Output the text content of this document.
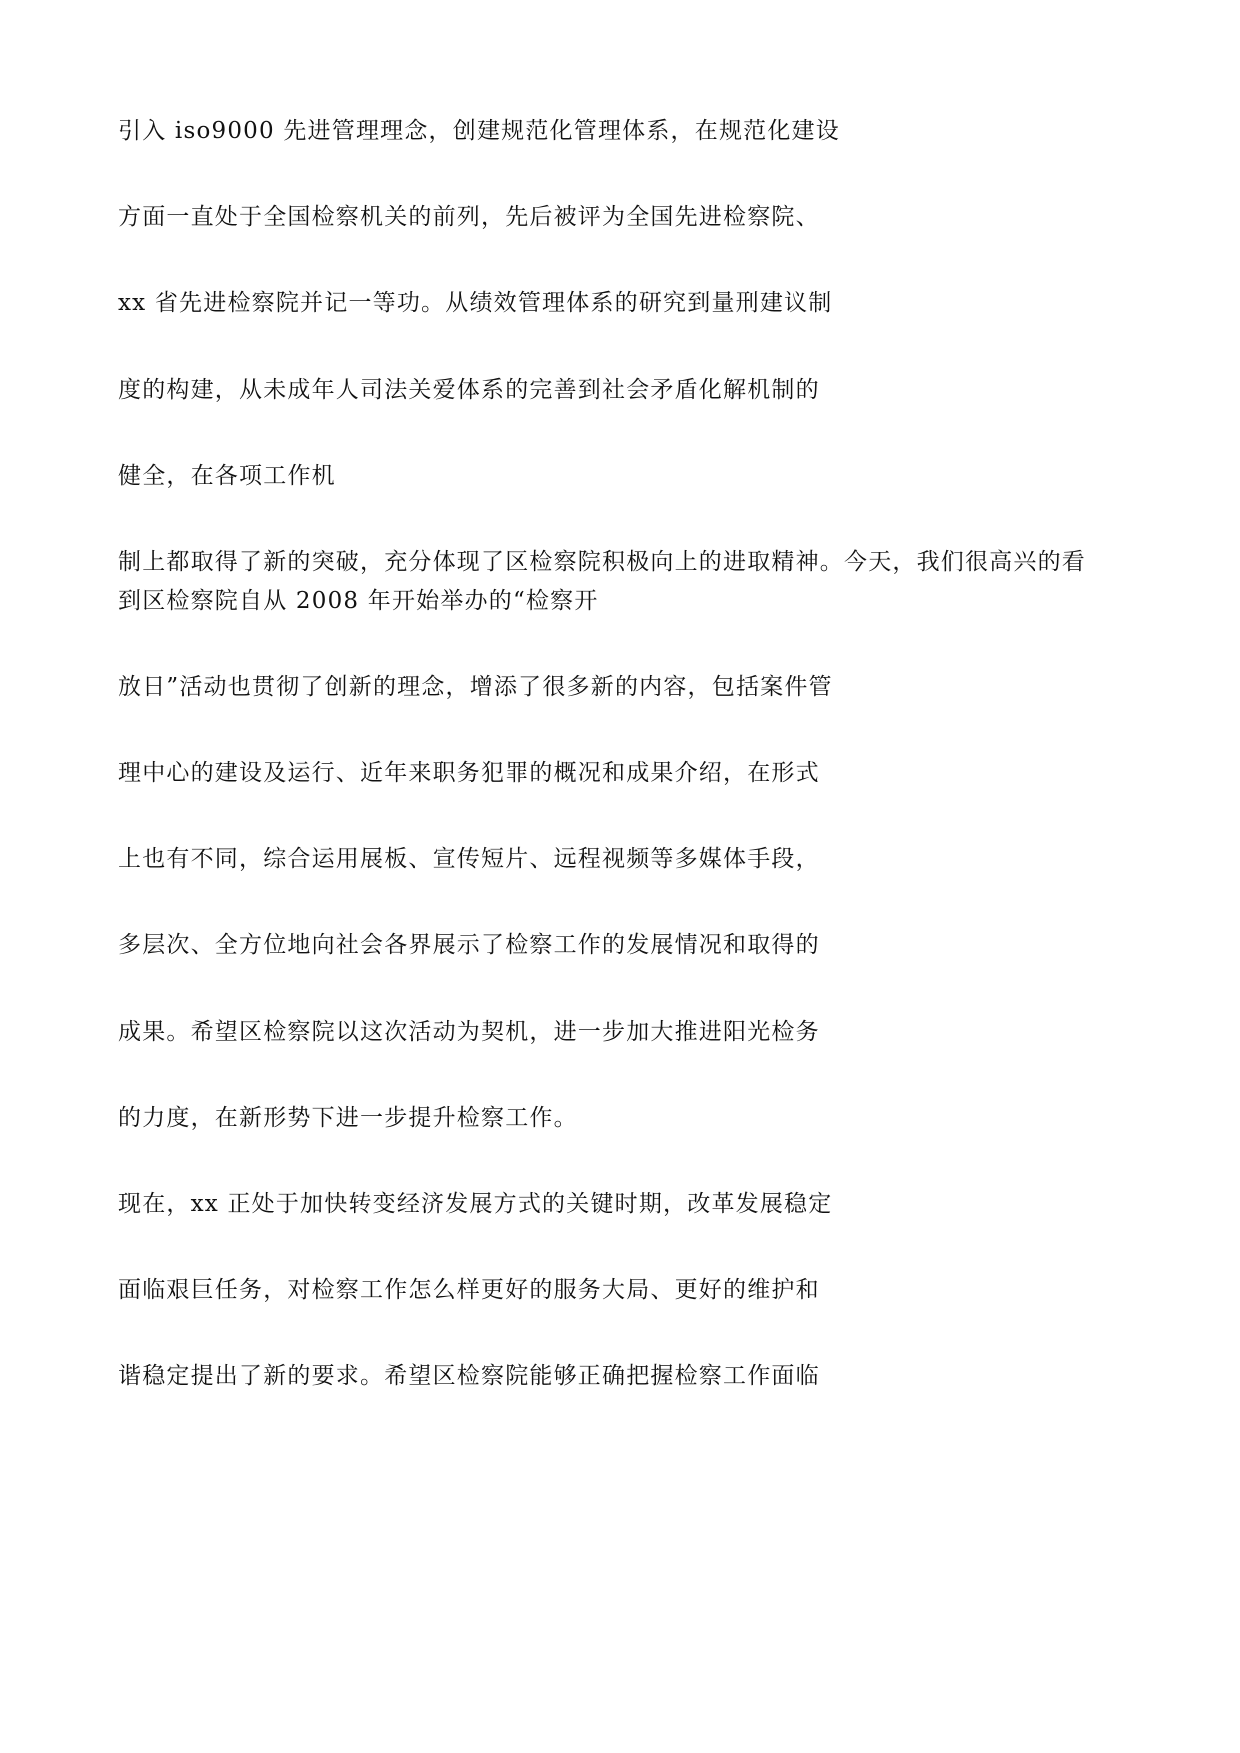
引入 iso9000 先进管理理念，创建规范化管理体系，在规范化建设

方面一直处于全国检察机关的前列，先后被评为全国先进检察院、

xx 省先进检察院并记一等功。从绩效管理体系的研究到量刑建议制

度的构建，从未成年人司法关爱体系的完善到社会矛盾化解机制的

健全，在各项工作机

制上都取得了新的突破，充分体现了区检察院积极向上的进取精神。今天，我们很高兴的看

到区检察院自从 2008 年开始举办的“检察开

放日”活动也贯彻了创新的理念，增添了很多新的内容，包括案件管

理中心的建设及运行、近年来职务犯罪的概况和成果介绍，在形式

上也有不同，综合运用展板、宣传短片、远程视频等多媒体手段，

多层次、全方位地向社会各界展示了检察工作的发展情况和取得的

成果。希望区检察院以这次活动为契机，进一步加大推进阳光检务

的力度，在新形势下进一步提升检察工作。

现在，xx 正处于加快转变经济发展方式的关键时期，改革发展稳定

面临艰巨任务，对检察工作怎么样更好的服务大局、更好的维护和

谐稳定提出了新的要求。希望区检察院能够正确把握检察工作面临
